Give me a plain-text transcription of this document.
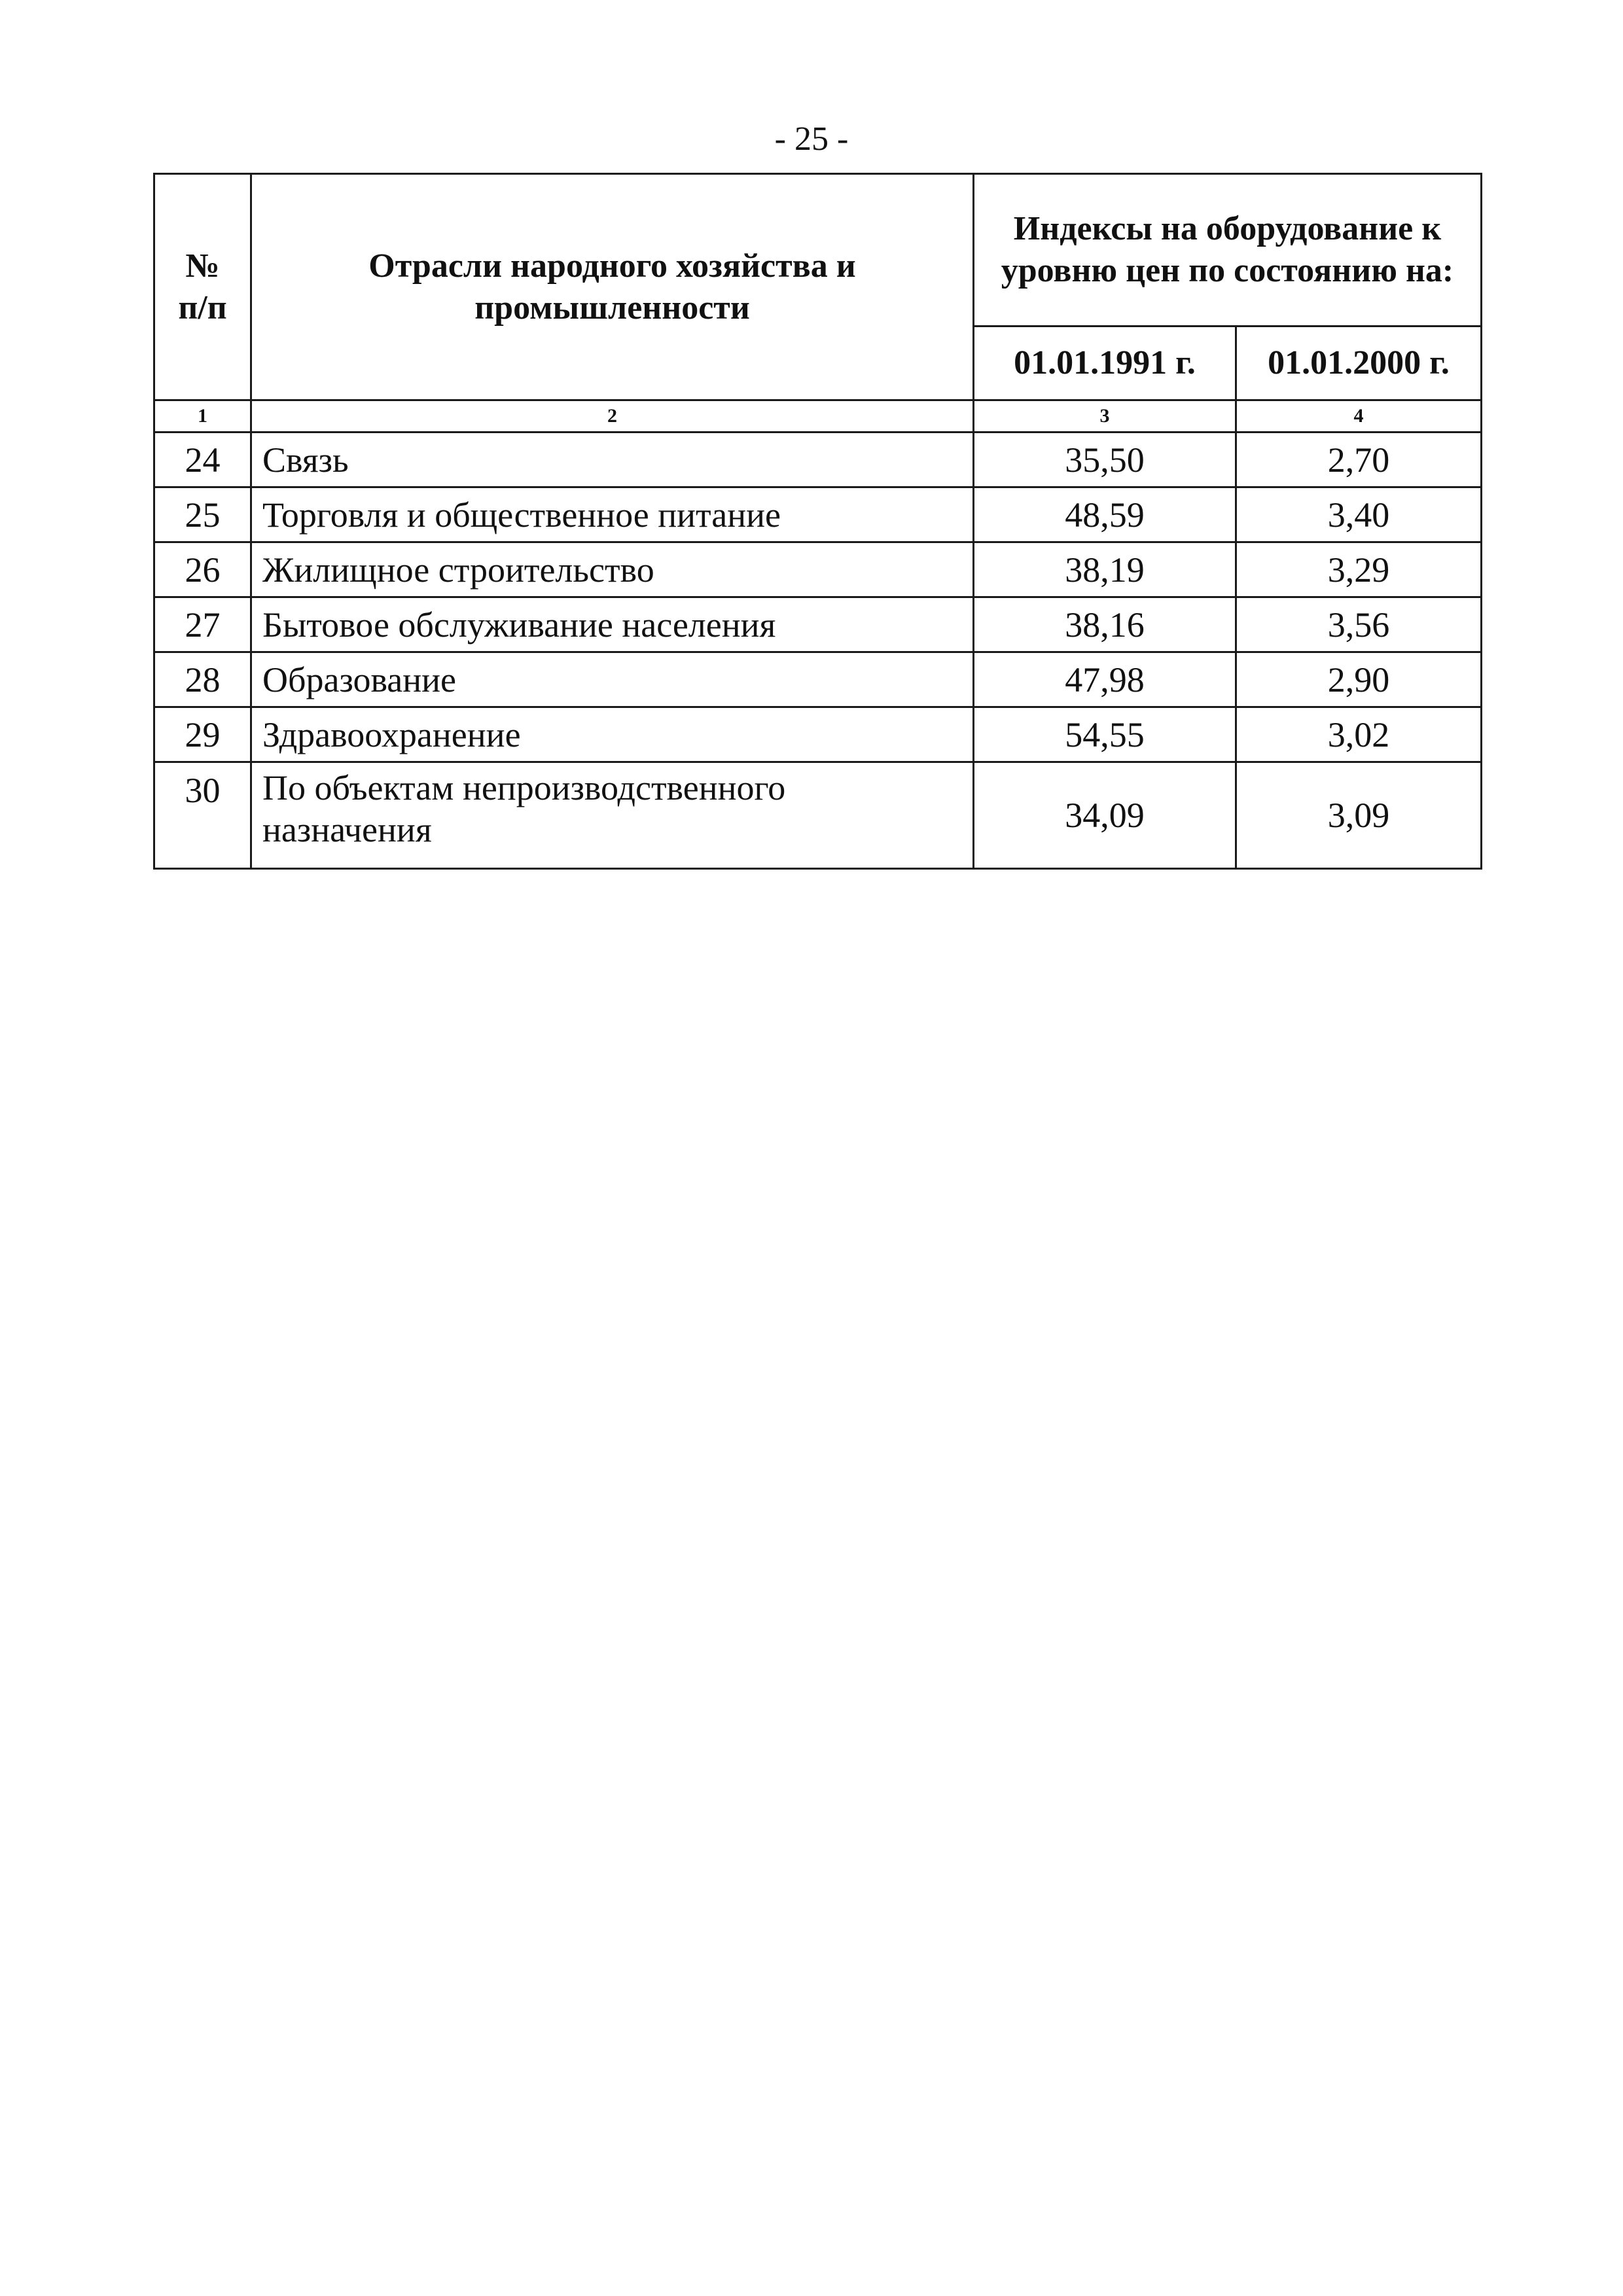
- 25 -
№ п/п	Отрасли народного хозяйства и промышленности	Индексы на оборудование к уровню цен по состоянию на:	
		01.01.1991 г.	01.01.2000 г.
1	2	3	4
24	Связь	35,50	2,70
25	Торговля и общественное питание	48,59	3,40
26	Жилищное строительство	38,19	3,29
27	Бытовое обслуживание населения	38,16	3,56
28	Образование	47,98	2,90
29	Здравоохранение	54,55	3,02
30	По объектам непроизводственного назначения	34,09	3,09
